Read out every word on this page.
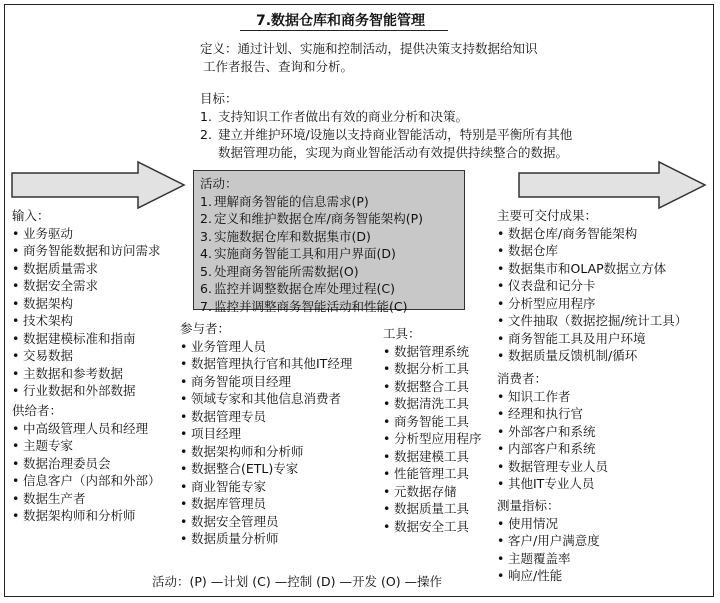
7.数据仓库和商务智能管理
定义：通过计划、实施和控制活动，提供决策支持数据给知识
工作者报告、查询和分析。
目标：
1. 支持知识工作者做出有效的商业分析和决策。
2. 建立并维护环境/设施以支持商业智能活动，特别是平衡所有其他
数据管理功能，实现为商业智能活动有效提供持续整合的数据。
活动：
1. 理解商务智能的信息需求(P)
2. 定义和维护数据仓库/商务智能架构(P)
3. 实施数据仓库和数据集市(D)
4. 实施商务智能工具和用户界面(D)
5. 处理商务智能所需数据(O)
6. 监控并调整数据仓库处理过程(C)
7. 监控并调整商务智能活动和性能(C)
输入：
• 业务驱动
• 商务智能数据和访问需求
• 数据质量需求
• 数据安全需求
• 数据架构
• 技术架构
• 数据建模标准和指南
• 交易数据
• 主数据和参考数据
• 行业数据和外部数据
供给者：
• 中高级管理人员和经理
• 主题专家
• 数据治理委员会
• 信息客户（内部和外部）
• 数据生产者
• 数据架构师和分析师
参与者：
• 业务管理人员
• 数据管理执行官和其他IT经理
• 商务智能项目经理
• 领域专家和其他信息消费者
• 数据管理专员
• 项目经理
• 数据架构师和分析师
• 数据整合(ETL)专家
• 商业智能专家
• 数据库管理员
• 数据安全管理员
• 数据质量分析师
工具：
• 数据管理系统
• 数据分析工具
• 数据整合工具
• 数据清洗工具
• 商务智能工具
• 分析型应用程序
• 数据建模工具
• 性能管理工具
• 元数据存储
• 数据质量工具
• 数据安全工具
主要可交付成果：
• 数据仓库/商务智能架构
• 数据仓库
• 数据集市和OLAP数据立方体
• 仪表盘和记分卡
• 分析型应用程序
• 文件抽取（数据挖掘/统计工具）
• 商务智能工具及用户环境
• 数据质量反馈机制/循环
消费者：
• 知识工作者
• 经理和执行官
• 外部客户和系统
• 内部客户和系统
• 数据管理专业人员
• 其他IT专业人员
测量指标：
• 使用情况
• 客户/用户满意度
• 主题覆盖率
• 响应/性能
活动：(P) —计划 (C) —控制 (D) —开发 (O) —操作
